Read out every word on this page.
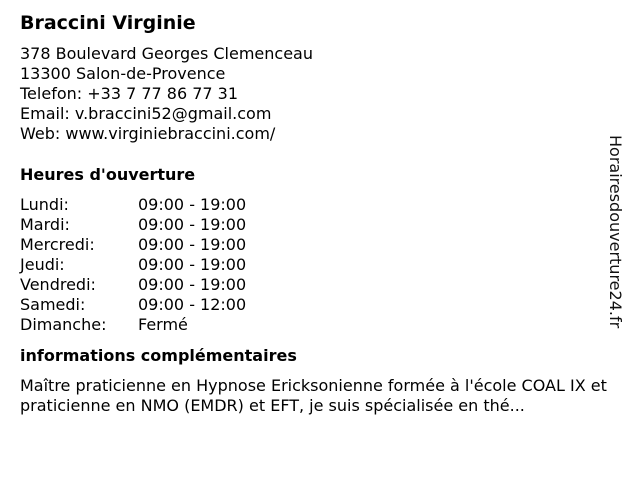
Braccini Virginie
378 Boulevard Georges Clemenceau
13300 Salon-de-Provence
Telefon: +33 7 77 86 77 31
Email: v.braccini52@gmail.com
Web: www.virginiebraccini.com/
Heures d'ouverture
Lundi:	09:00 - 19:00
Mardi:	09:00 - 19:00
Mercredi:	09:00 - 19:00
Jeudi:	09:00 - 19:00
Vendredi:	09:00 - 19:00
Samedi:	09:00 - 12:00
Dimanche:	Fermé
informations complémentaires
Maître praticienne en Hypnose Ericksonienne formée à l'école COAL IX et praticienne en NMO (EMDR) et EFT, je suis spécialisée en thé...
Horairesdouverture24.fr
